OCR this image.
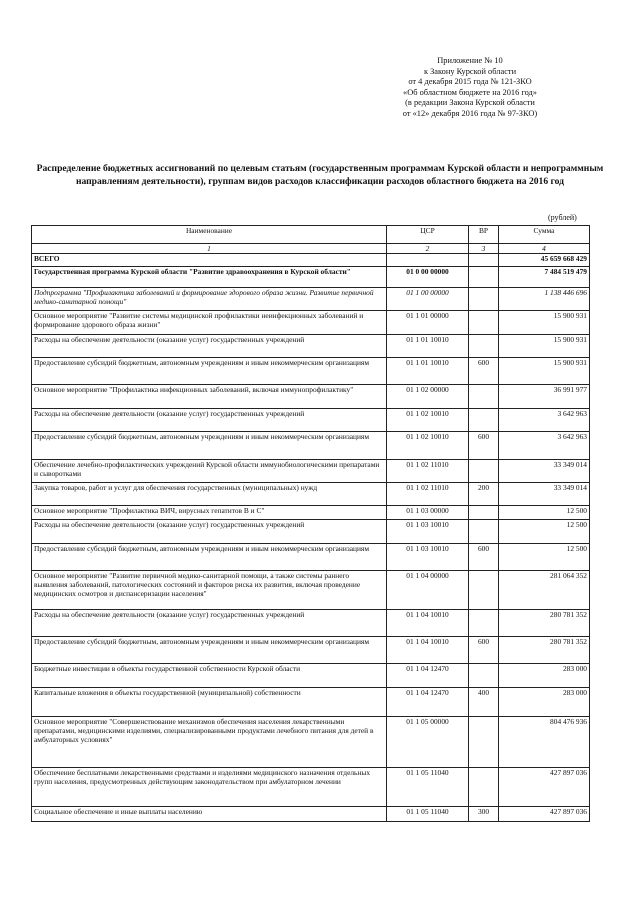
Приложение № 10
к Закону Курской области
от 4 декабря 2015 года № 121-ЗКО
«Об областном бюджете на 2016 год»
(в редакции Закона Курской области
от «12» декабря 2016 года № 97-ЗКО)
Распределение бюджетных ассигнований по целевым статьям (государственным программам Курской области и непрограммным направлениям деятельности), группам видов расходов классификации расходов областного бюджета на 2016 год
(рублей)
Наименование	ЦСР	ВР	Сумма
1	2	3	4
ВСЕГО			45 659 668 429
Государственная программа Курской области "Развитие здравоохранения в Курской области"	01 0 00 00000		7 484 519 479
Подпрограмма "Профилактика заболеваний и формирование здорового образа жизни. Развитие первичной медико-санитарной помощи"	01 1 00 00000		1 138 446 696
Основное мероприятие "Развитие системы медицинской профилактики неинфекционных заболеваний и формирование здорового образа жизни"	01 1 01 00000		15 900 931
Расходы на обеспечение деятельности (оказание услуг) государственных учреждений	01 1 01 10010		15 900 931
Предоставление субсидий бюджетным, автономным учреждениям и иным некоммерческим организациям	01 1 01 10010	600	15 900 931
Основное мероприятие "Профилактика инфекционных заболеваний, включая иммунопрофилактику"	01 1 02 00000		36 991 977
Расходы на обеспечение деятельности (оказание услуг) государственных учреждений	01 1 02 10010		3 642 963
Предоставление субсидий бюджетным, автономным учреждениям и иным некоммерческим организациям	01 1 02 10010	600	3 642 963
Обеспечение лечебно-профилактических учреждений Курской области иммунобиологическими препаратами и сыворотками	01 1 02 11010		33 349 014
Закупка товаров, работ и услуг для обеспечения государственных (муниципальных) нужд	01 1 02 11010	200	33 349 014
Основное мероприятие "Профилактика ВИЧ, вирусных гепатитов В и С"	01 1 03 00000		12 500
Расходы на обеспечение деятельности (оказание услуг) государственных учреждений	01 1 03 10010		12 500
Предоставление субсидий бюджетным, автономным учреждениям и иным некоммерческим организациям	01 1 03 10010	600	12 500
Основное мероприятие "Развитие первичной медико-санитарной помощи, а также системы раннего выявления заболеваний, патологических состояний и факторов риска их развития, включая проведение медицинских осмотров и диспансеризации населения"	01 1 04 00000		281 064 352
Расходы на обеспечение деятельности (оказание услуг) государственных учреждений	01 1 04 10010		280 781 352
Предоставление субсидий бюджетным, автономным учреждениям и иным некоммерческим организациям	01 1 04 10010	600	280 781 352
Бюджетные инвестиции в объекты государственной собственности Курской области	01 1 04 12470		283 000
Капитальные вложения в объекты государственной (муниципальной) собственности	01 1 04 12470	400	283 000
Основное мероприятие "Совершенствование механизмов обеспечения населения лекарственными препаратами, медицинскими изделиями, специализированными продуктами лечебного питания для детей в амбулаторных условиях"	01 1 05 00000		804 476 936
Обеспечение бесплатными лекарственными средствами и изделиями медицинского назначения отдельных групп населения, предусмотренных действующим законодательством при амбулаторном лечении	01 1 05 11040		427 897 036
Социальное обеспечение и иные выплаты населению	01 1 05 11040	300	427 897 036
